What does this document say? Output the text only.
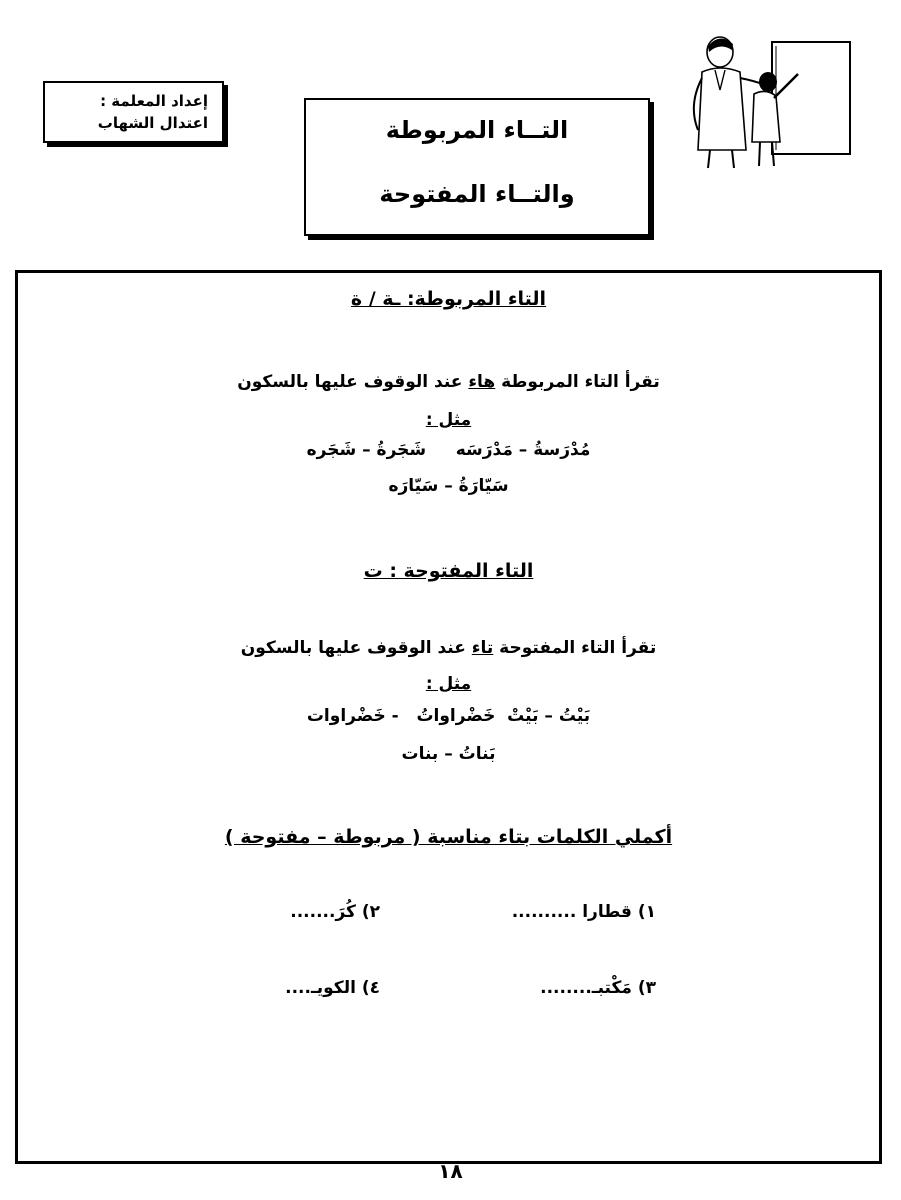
إعداد المعلمة :
اعتدال الشهاب	التــاء المربوطة
والتــاء المفتوحة
التاء المربوطة: ـة / ة
تقرأ التاء المربوطة هاء عند الوقوف عليها بالسكون
مثل :
مُدْرَسةُ – مَدْرَسَه     شَجَرةُ – شَجَره
سَيّارَةُ – سَيّارَه
التاء المفتوحة : ت
تقرأ التاء المفتوحة تاء عند الوقوف عليها بالسكون
مثل :
بَيْتُ – بَيْتْ  خَضْراواتُ   - خَضْراوات
بَناتُ – بنات
أكملي الكلمات بتاء مناسبة ( مربوطة – مفتوحة )
١) قطارا ..........
٢) كُرَ.......
٣) مَكْتبـ........
٤) الكويـ....
١٨
